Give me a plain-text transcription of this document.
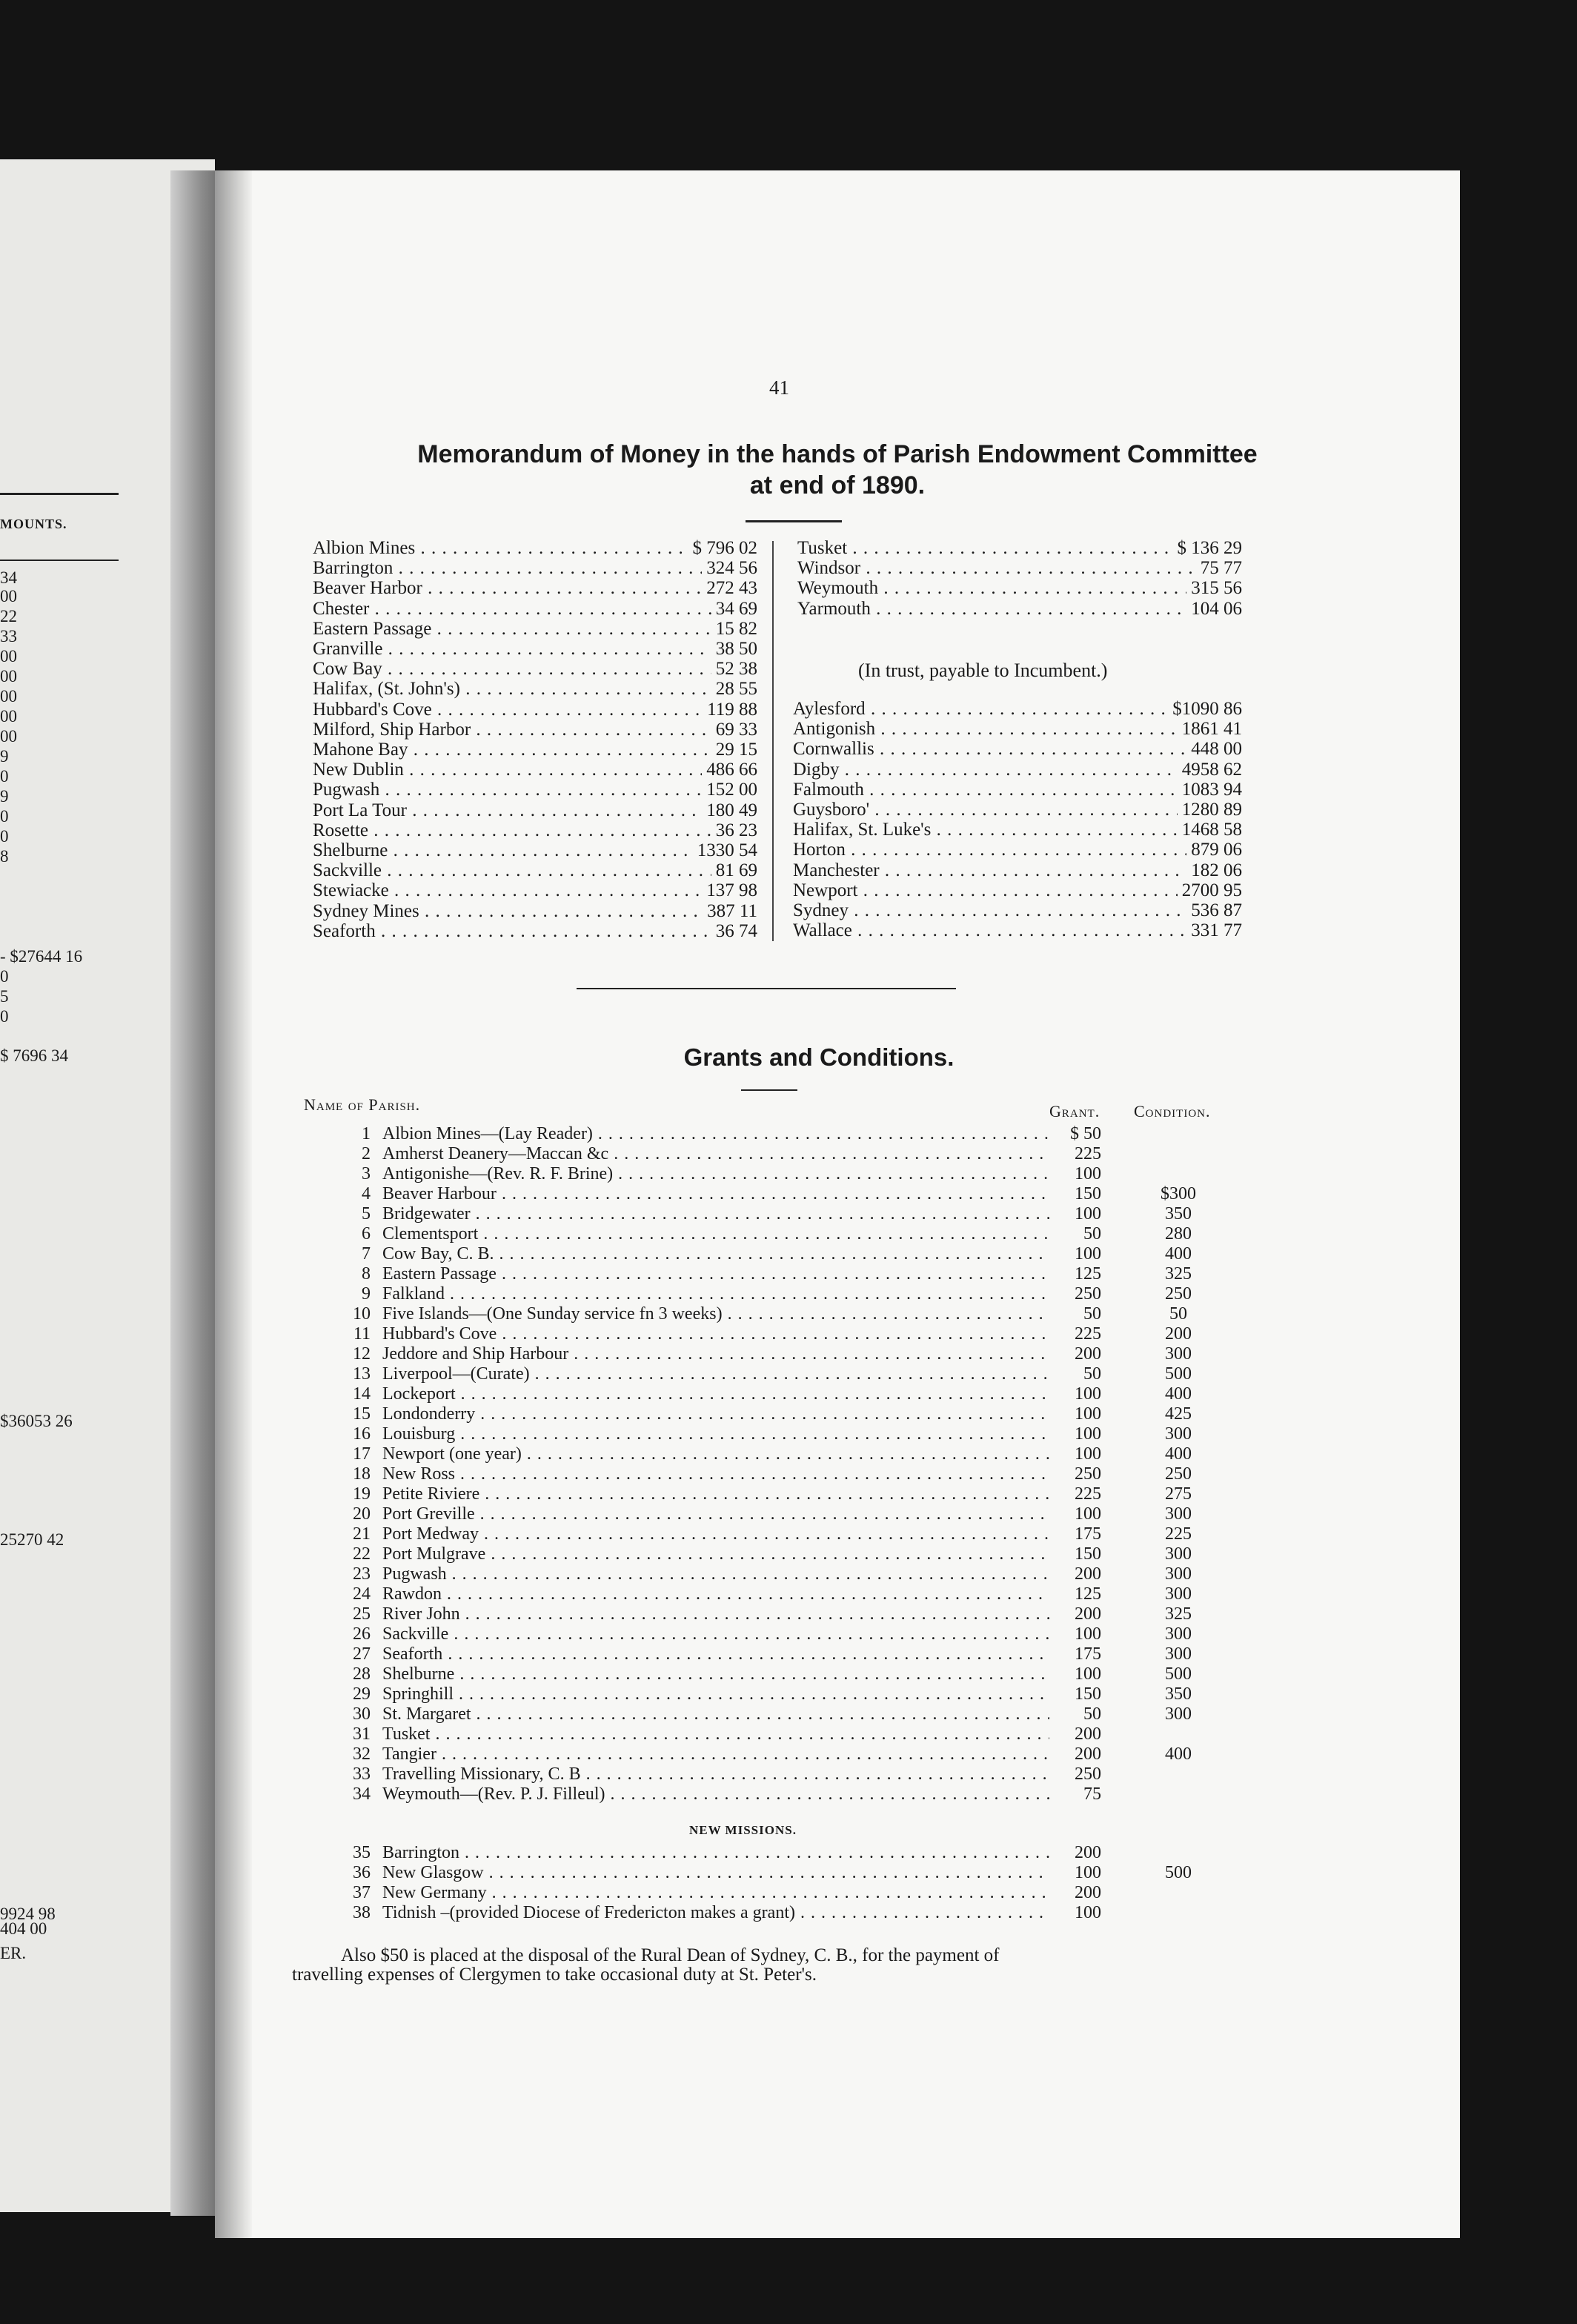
MOUNTS.
34
00
22
33
00
00
00
00
00
9
0
9
0
0
8
- $27644 16
0
5
0
$ 7696 34
$36053 26
25270 42
9924 98
404 00
ER.
41
Memorandum of Money in the hands of Parish Endowment Committee
at end of 1890.
Albion Mines . . .	$ 796 02
Barrington . . .	324 56
Beaver Harbor . . .	272 43
Chester . . .	34 69
Eastern Passage . . .	15 82
Granville . . .	38 50
Cow Bay . . .	52 38
Halifax, (St. John's) . . .	28 55
Hubbard's Cove . . .	119 88
Milford, Ship Harbor . . .	69 33
Mahone Bay . . .	29 15
New Dublin . . .	486 66
Pugwash . . .	152 00
Port La Tour . . .	180 49
Rosette . . .	36 23
Shelburne . . .	1330 54
Sackville . . .	81 69
Stewiacke . . .	137 98
Sydney Mines . . .	387 11
Seaforth . . .	36 74
Tusket . . .	$ 136 29
Windsor . . .	75 77
Weymouth . . .	315 56
Yarmouth . . .	104 06
(In trust, payable to Incumbent.)
Aylesford . . .	$1090 86
Antigonish . . .	1861 41
Cornwallis . . .	448 00
Digby . . .	4958 62
Falmouth . . .	1083 94
Guysboro' . . .	1280 89
Halifax, St. Luke's . . .	1468 58
Horton . . .	879 06
Manchester . . .	182 06
Newport . . .	2700 95
Sydney . . .	536 87
Wallace . . .	331 77
Grants and Conditions.
Name of Parish.	Grant. Condition.
1 Albion Mines—(Lay Reader) . . .	$ 50
2 Amherst Deanery—Maccan &c . . .	225
3 Antigonishe—(Rev. R. F. Brine) . . .	100
4 Beaver Harbour . . .	150	$300
5 Bridgewater . . .	100	350
6 Clementsport . . .	50	280
7 Cow Bay, C. B. . . .	100	400
8 Eastern Passage . . .	125	325
9 Falkland . . .	250	250
10 Five Islands—(One Sunday service fn 3 weeks) . . .	50	50
11 Hubbard's Cove . . .	225	200
12 Jeddore and Ship Harbour . . .	200	300
13 Liverpool—(Curate) . . .	50	500
14 Lockeport . . .	100	400
15 Londonderry . . .	100	425
16 Louisburg . . .	100	300
17 Newport (one year) . . .	100	400
18 New Ross . . .	250	250
19 Petite Riviere . . .	225	275
20 Port Greville . . .	100	300
21 Port Medway . . .	175	225
22 Port Mulgrave . . .	150	300
23 Pugwash . . .	200	300
24 Rawdon . . .	125	300
25 River John . . .	200	325
26 Sackville . . .	100	300
27 Seaforth . . .	175	300
28 Shelburne . . .	100	500
29 Springhill . . .	150	350
30 St. Margaret . . .	50	300
31 Tusket . . .	200
32 Tangier . . .	200	400
33 Travelling Missionary, C. B . . .	250
34 Weymouth—(Rev. P. J. Filleul) . . .	75
NEW MISSIONS.
35 Barrington . . .	200
36 New Glasgow . . .	100	500
37 New Germany . . .	200
38 Tidnish –(provided Diocese of Fredericton makes a grant) . . .	100
Also $50 is placed at the disposal of the Rural Dean of Sydney, C. B., for the payment of
travelling expenses of Clergymen to take occasional duty at St. Peter's.
